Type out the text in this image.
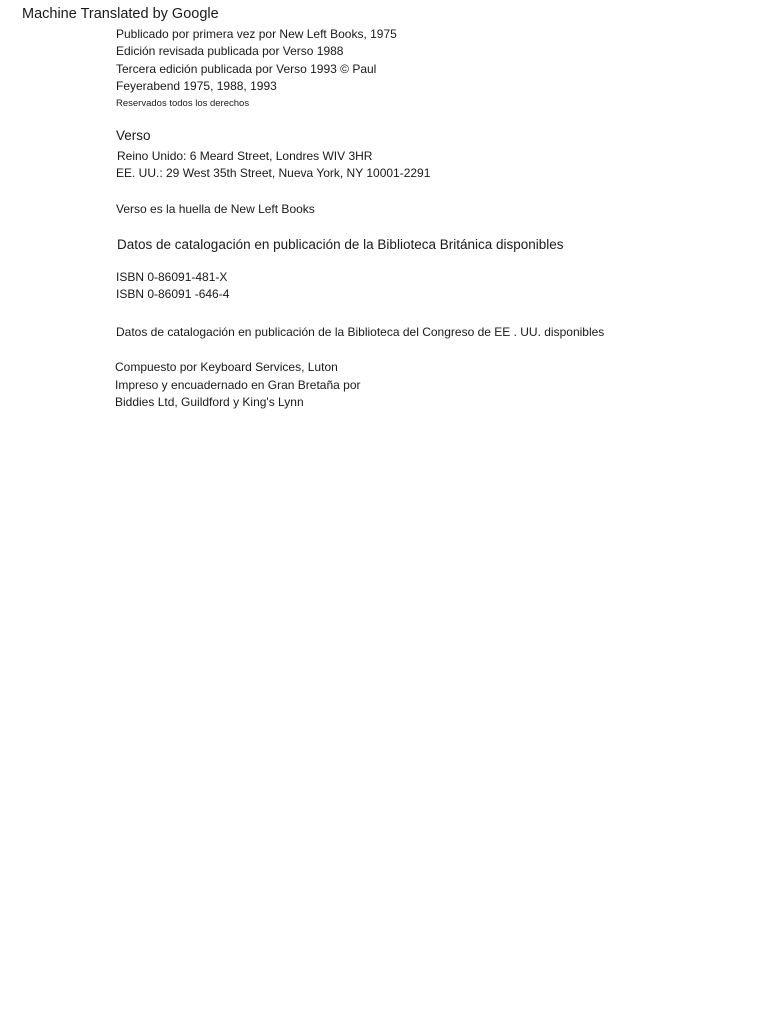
Machine Translated by Google
Publicado por primera vez por New Left Books, 1975
Edición revisada publicada por Verso 1988
Tercera edición publicada por Verso 1993 © Paul
Feyerabend 1975, 1988, 1993
Reservados todos los derechos
Verso
Reino Unido: 6 Meard Street, Londres WIV 3HR
EE. UU.: 29 West 35th Street, Nueva York, NY 10001-2291
Verso es la huella de New Left Books
Datos de catalogación en publicación de la Biblioteca Británica disponibles
ISBN 0-86091-481-X
ISBN 0-86091 -646-4
Datos de catalogación en publicación de la Biblioteca del Congreso de EE . UU. disponibles
Compuesto por Keyboard Services, Luton
Impreso y encuadernado en Gran Bretaña por
Biddies Ltd, Guildford y King's Lynn
